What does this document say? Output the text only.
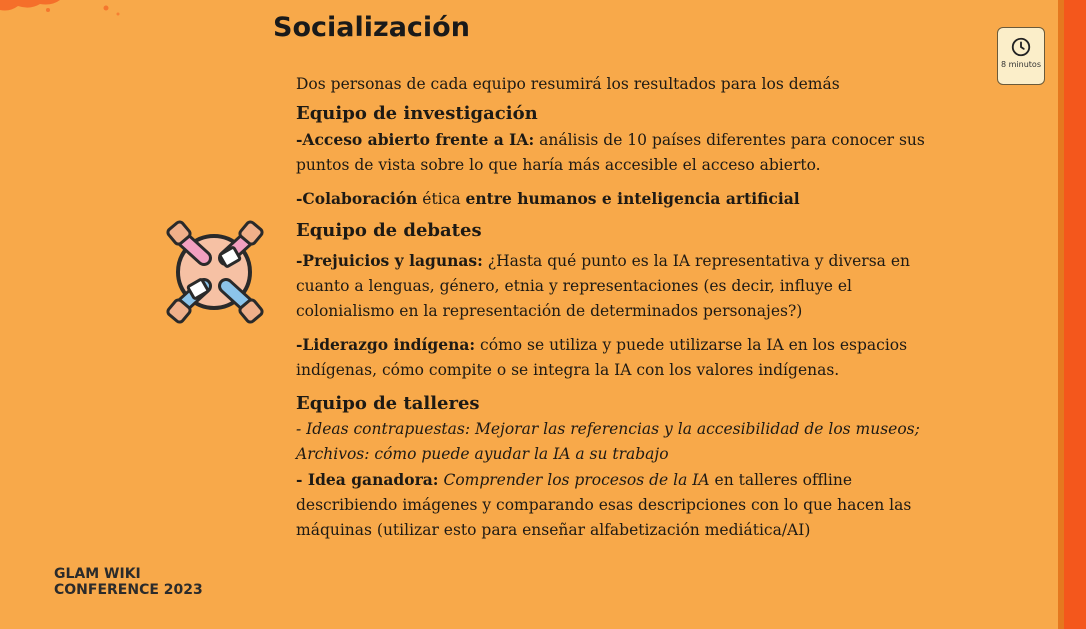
Socialización
8 minutos

Dos personas de cada equipo resumirá los resultados para los demás

Equipo de investigación

-Acceso abierto frente a IA: análisis de 10 países diferentes para conocer sus puntos de vista sobre lo que haría más accesible el acceso abierto.

-Colaboración ética entre humanos e inteligencia artificial

Equipo de debates

-Prejuicios y lagunas: ¿Hasta qué punto es la IA representativa y diversa en cuanto a lenguas, género, etnia y representaciones (es decir, influye el colonialismo en la representación de determinados personajes?)

-Liderazgo indígena: cómo se utiliza y puede utilizarse la IA en los espacios indígenas, cómo compite o se integra la IA con los valores indígenas.

Equipo de talleres

- Ideas contrapuestas: Mejorar las referencias y la accesibilidad de los museos; Archivos: cómo puede ayudar la IA a su trabajo

- Idea ganadora: Comprender los procesos de la IA en talleres offline describiendo imágenes y comparando esas descripciones con lo que hacen las máquinas (utilizar esto para enseñar alfabetización mediática/AI)

GLAM WIKI
CONFERENCE 2023
